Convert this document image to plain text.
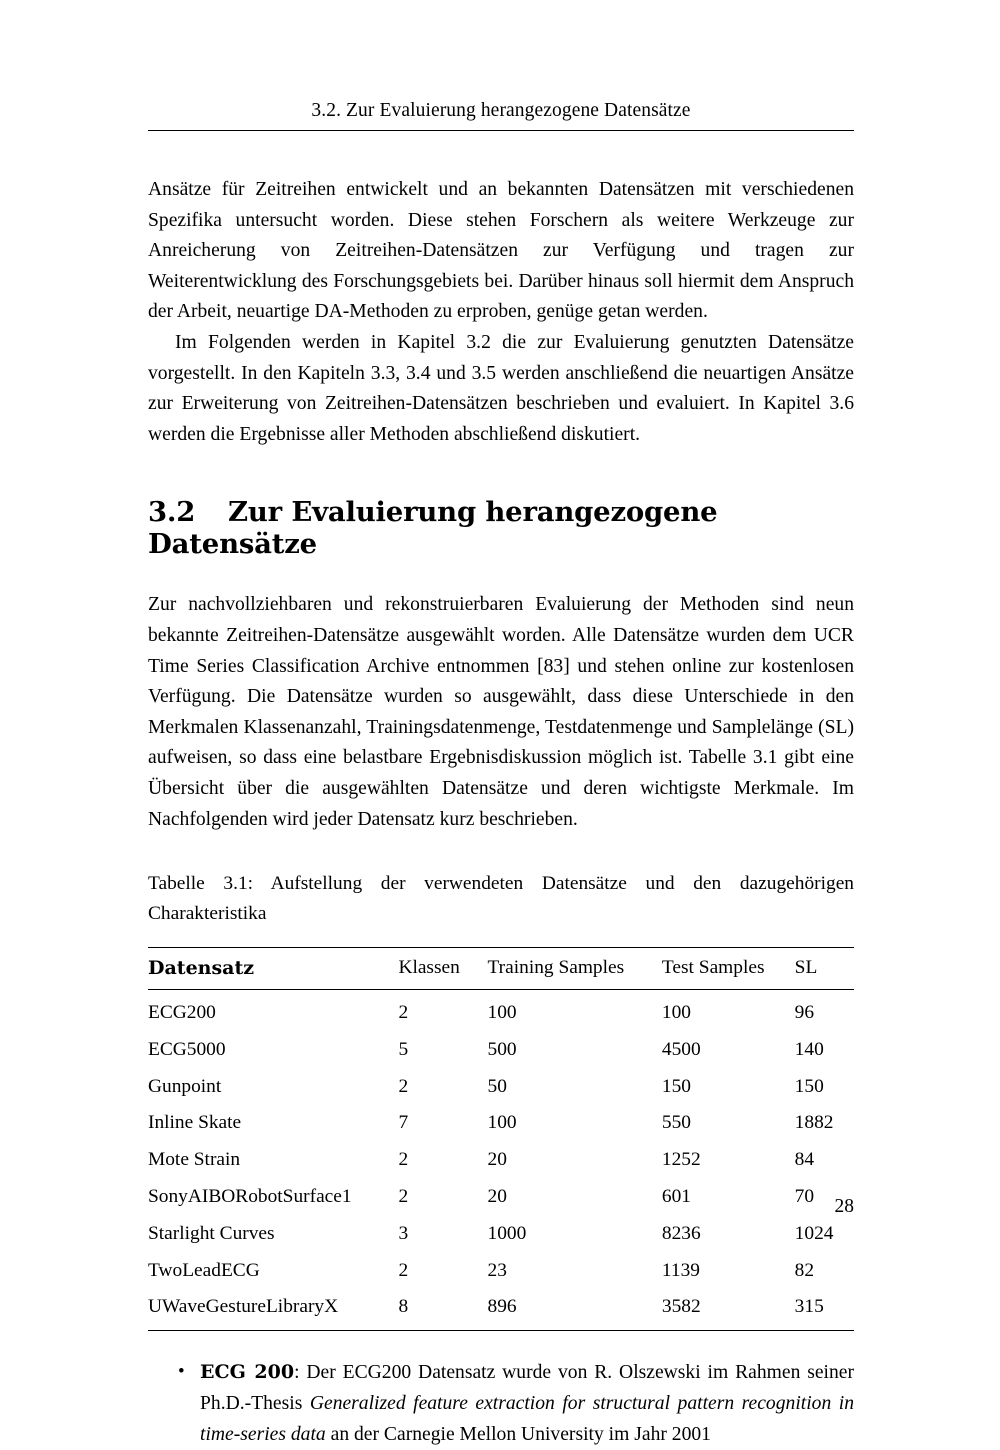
3.2. Zur Evaluierung herangezogene Datensätze

Ansätze für Zeitreihen entwickelt und an bekannten Datensätzen mit verschiedenen Spezifika untersucht worden. Diese stehen Forschern als weitere Werkzeuge zur Anreicherung von Zeitreihen-Datensätzen zur Verfügung und tragen zur Weiterentwicklung des Forschungsgebiets bei. Darüber hinaus soll hiermit dem Anspruch der Arbeit, neuartige DA-Methoden zu erproben, genüge getan werden.

Im Folgenden werden in Kapitel 3.2 die zur Evaluierung genutzten Datensätze vorgestellt. In den Kapiteln 3.3, 3.4 und 3.5 werden anschließend die neuartigen Ansätze zur Erweiterung von Zeitreihen-Datensätzen beschrieben und evaluiert. In Kapitel 3.6 werden die Ergebnisse aller Methoden abschließend diskutiert.

3.2 Zur Evaluierung herangezogene Datensätze

Zur nachvollziehbaren und rekonstruierbaren Evaluierung der Methoden sind neun bekannte Zeitreihen-Datensätze ausgewählt worden. Alle Datensätze wurden dem UCR Time Series Classification Archive entnommen [83] und stehen online zur kostenlosen Verfügung. Die Datensätze wurden so ausgewählt, dass diese Unterschiede in den Merkmalen Klassenanzahl, Trainingsdatenmenge, Testdatenmenge und Samplelänge (SL) aufweisen, so dass eine belastbare Ergebnisdiskussion möglich ist. Tabelle 3.1 gibt eine Übersicht über die ausgewählten Datensätze und deren wichtigste Merkmale. Im Nachfolgenden wird jeder Datensatz kurz beschrieben.

Tabelle 3.1: Aufstellung der verwendeten Datensätze und den dazugehörigen Charakteristika
Datensatz	Klassen	Training Samples	Test Samples	SL
ECG200	2	100	100	96
ECG5000	5	500	4500	140
Gunpoint	2	50	150	150
Inline Skate	7	100	550	1882
Mote Strain	2	20	1252	84
SonyAIBORobotSurface1	2	20	601	70
Starlight Curves	3	1000	8236	1024
TwoLeadECG	2	23	1139	82
UWaveGestureLibraryX	8	896	3582	315
• ECG 200: Der ECG200 Datensatz wurde von R. Olszewski im Rahmen seiner Ph.D.-Thesis Generalized feature extraction for structural pattern recognition in time-series data an der Carnegie Mellon University im Jahr 2001
28
